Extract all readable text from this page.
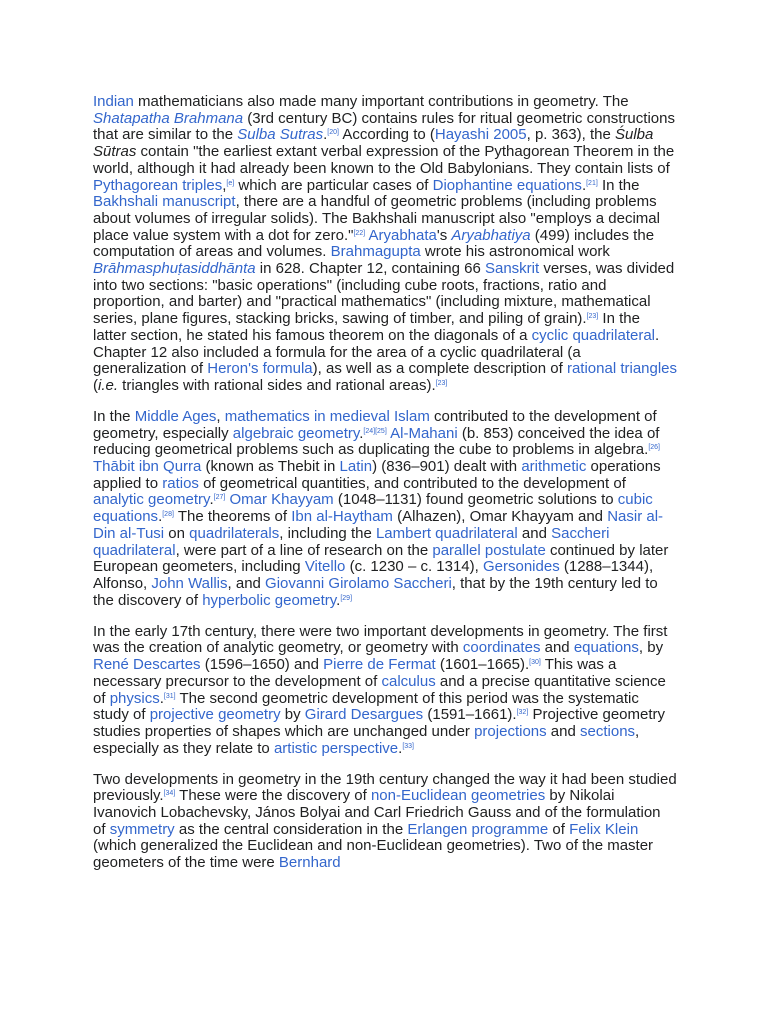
Indian mathematicians also made many important contributions in geometry. The Shatapatha Brahmana (3rd century BC) contains rules for ritual geometric constructions that are similar to the Sulba Sutras.[20] According to (Hayashi 2005, p. 363), the Śulba Sūtras contain "the earliest extant verbal expression of the Pythagorean Theorem in the world, although it had already been known to the Old Babylonians. They contain lists of Pythagorean triples,[e] which are particular cases of Diophantine equations.[21] In the Bakhshali manuscript, there are a handful of geometric problems (including problems about volumes of irregular solids). The Bakhshali manuscript also "employs a decimal place value system with a dot for zero."[22] Aryabhata's Aryabhatiya (499) includes the computation of areas and volumes. Brahmagupta wrote his astronomical work Brāhmasphuṭasiddhānta in 628. Chapter 12, containing 66 Sanskrit verses, was divided into two sections: "basic operations" (including cube roots, fractions, ratio and proportion, and barter) and "practical mathematics" (including mixture, mathematical series, plane figures, stacking bricks, sawing of timber, and piling of grain).[23] In the latter section, he stated his famous theorem on the diagonals of a cyclic quadrilateral. Chapter 12 also included a formula for the area of a cyclic quadrilateral (a generalization of Heron's formula), as well as a complete description of rational triangles (i.e. triangles with rational sides and rational areas).[23]

In the Middle Ages, mathematics in medieval Islam contributed to the development of geometry, especially algebraic geometry.[24][25] Al-Mahani (b. 853) conceived the idea of reducing geometrical problems such as duplicating the cube to problems in algebra.[26] Thābit ibn Qurra (known as Thebit in Latin) (836–901) dealt with arithmetic operations applied to ratios of geometrical quantities, and contributed to the development of analytic geometry.[27] Omar Khayyam (1048–1131) found geometric solutions to cubic equations.[28] The theorems of Ibn al-Haytham (Alhazen), Omar Khayyam and Nasir al-Din al-Tusi on quadrilaterals, including the Lambert quadrilateral and Saccheri quadrilateral, were part of a line of research on the parallel postulate continued by later European geometers, including Vitello (c. 1230 – c. 1314), Gersonides (1288–1344), Alfonso, John Wallis, and Giovanni Girolamo Saccheri, that by the 19th century led to the discovery of hyperbolic geometry.[29]

In the early 17th century, there were two important developments in geometry. The first was the creation of analytic geometry, or geometry with coordinates and equations, by René Descartes (1596–1650) and Pierre de Fermat (1601–1665).[30] This was a necessary precursor to the development of calculus and a precise quantitative science of physics.[31] The second geometric development of this period was the systematic study of projective geometry by Girard Desargues (1591–1661).[32] Projective geometry studies properties of shapes which are unchanged under projections and sections, especially as they relate to artistic perspective.[33]

Two developments in geometry in the 19th century changed the way it had been studied previously.[34] These were the discovery of non-Euclidean geometries by Nikolai Ivanovich Lobachevsky, János Bolyai and Carl Friedrich Gauss and of the formulation of symmetry as the central consideration in the Erlangen programme of Felix Klein (which generalized the Euclidean and non-Euclidean geometries). Two of the master geometers of the time were Bernhard
